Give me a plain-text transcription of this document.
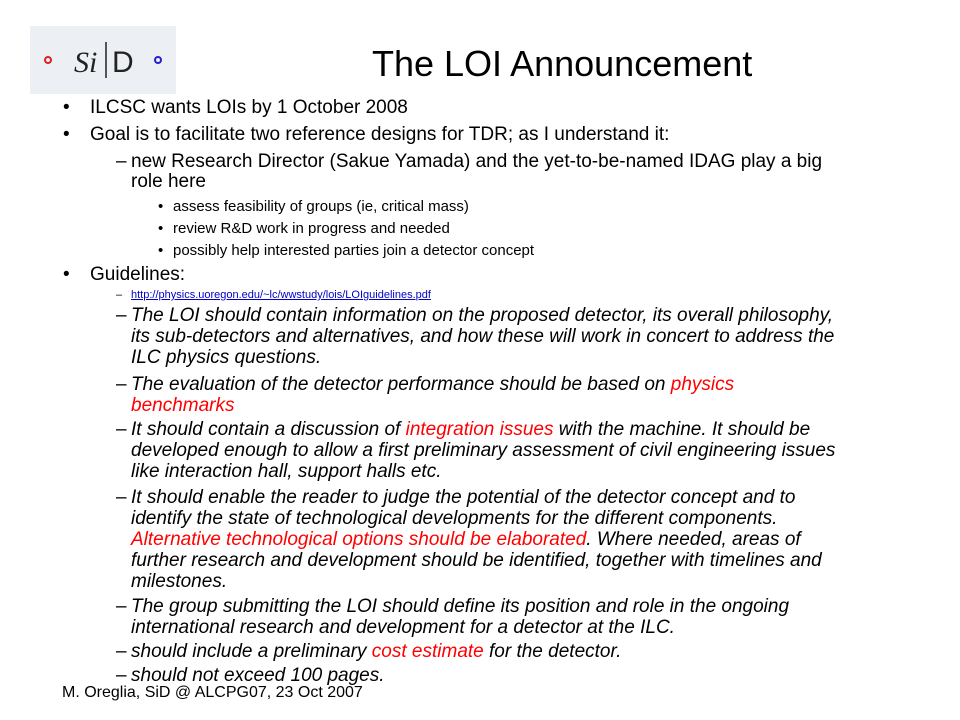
Si D	The LOI Announcement
• ILCSC wants LOIs by 1 October 2008
• Goal is to facilitate two reference designs for TDR; as I understand it:
– new Research Director (Sakue Yamada) and the yet-to-be-named IDAG play a big
role here
• assess feasibility of groups (ie, critical mass)
• review R&D work in progress and needed
• possibly help interested parties join a detector concept
• Guidelines:
– http://physics.uoregon.edu/~lc/wwstudy/lois/LOIguidelines.pdf
– The LOI should contain information on the proposed detector, its overall philosophy,
its sub-detectors and alternatives, and how these will work in concert to address the
ILC physics questions.
– The evaluation of the detector performance should be based on physics
benchmarks
– It should contain a discussion of integration issues with the machine. It should be
developed enough to allow a first preliminary assessment of civil engineering issues
like interaction hall, support halls etc.
– It should enable the reader to judge the potential of the detector concept and to
identify the state of technological developments for the different components.
Alternative technological options should be elaborated. Where needed, areas of
further research and development should be identified, together with timelines and
milestones.
– The group submitting the LOI should define its position and role in the ongoing
international research and development for a detector at the ILC.
– should include a preliminary cost estimate for the detector.
– should not exceed 100 pages.
M. Oreglia, SiD @ ALCPG07, 23 Oct 2007
